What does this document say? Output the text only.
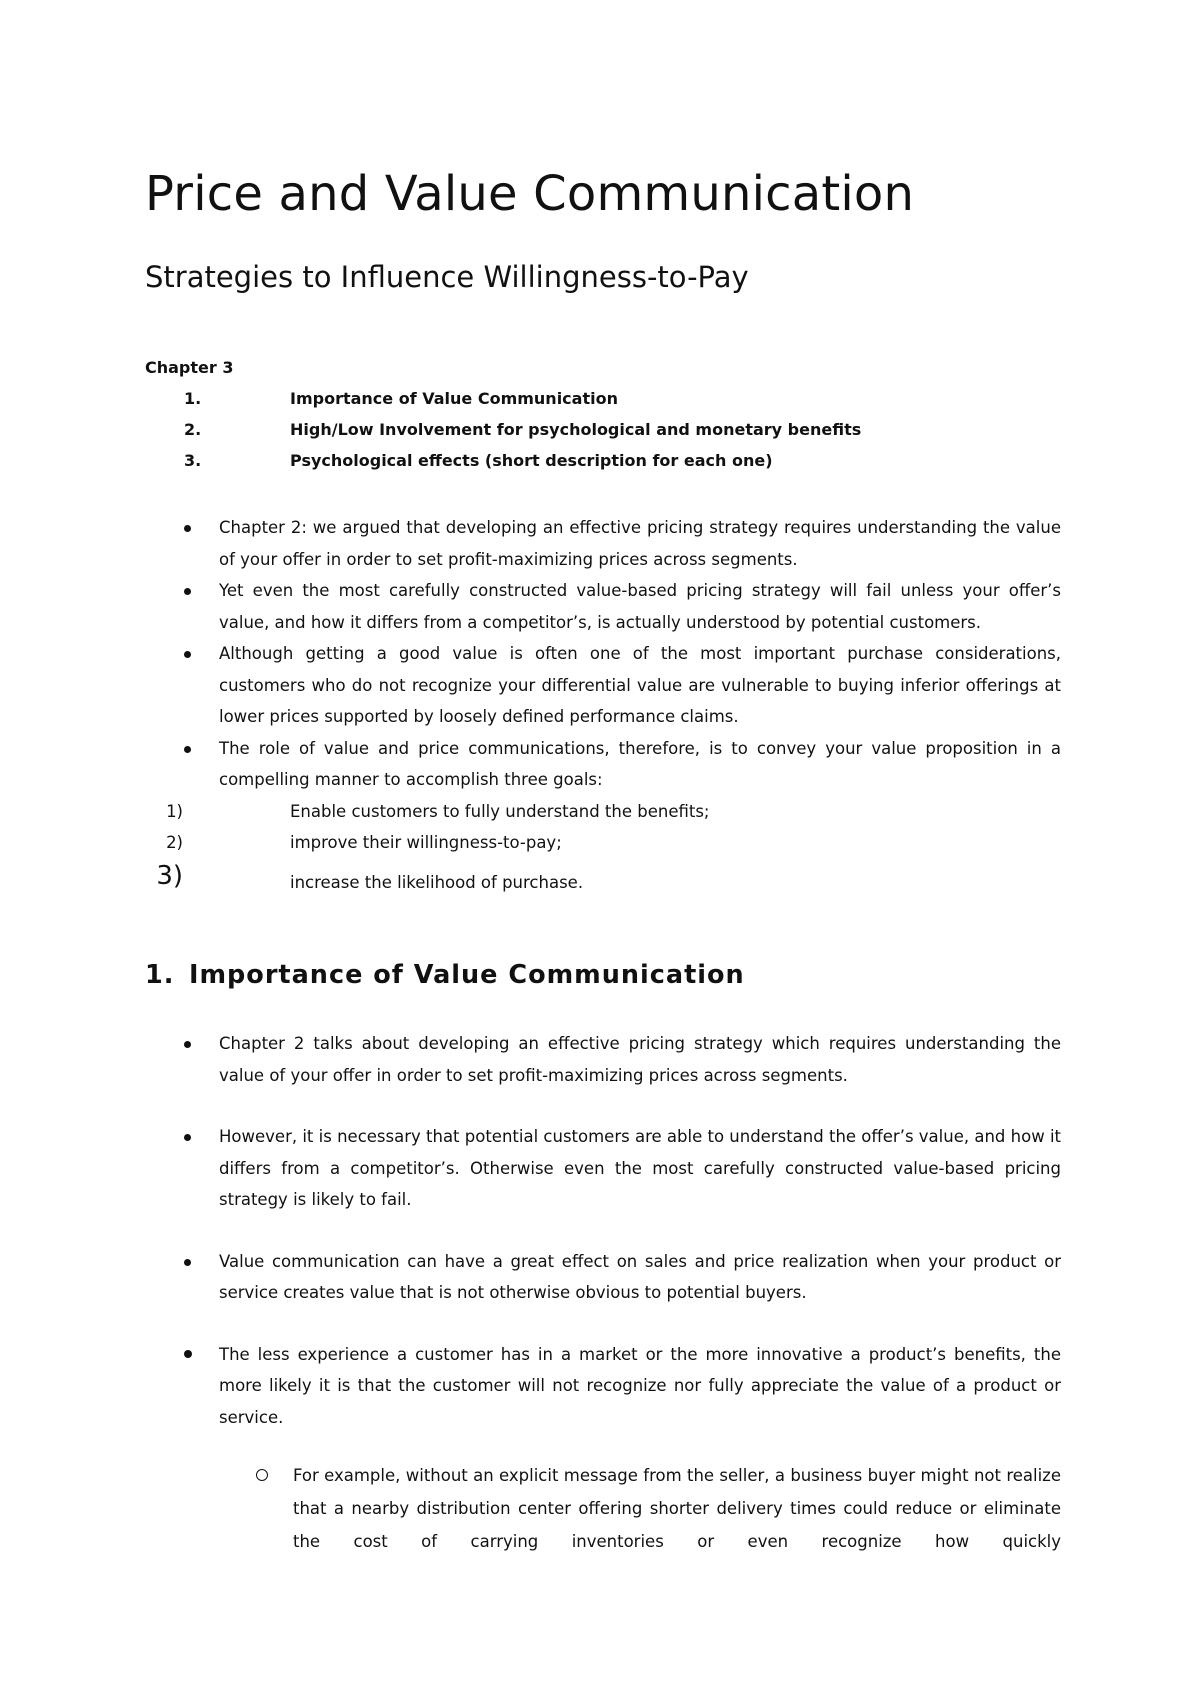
Price and Value Communication
Strategies to Influence Willingness-to-Pay
Chapter 3
1.	Importance of Value Communication
2.	High/Low Involvement for psychological and monetary benefits
3.	Psychological effects (short description for each one)
Chapter 2: we argued that developing an effective pricing strategy requires understanding the value of your offer in order to set profit-maximizing prices across segments.
Yet even the most carefully constructed value-based pricing strategy will fail unless your offer’s value, and how it differs from a competitor’s, is actually understood by potential customers.
Although getting a good value is often one of the most important purchase considerations, customers who do not recognize your differential value are vulnerable to buying inferior offerings at lower prices supported by loosely defined performance claims.
The role of value and price communications, therefore, is to convey your value proposition in a compelling manner to accomplish three goals:
1)	Enable customers to fully understand the benefits;
2)	improve their willingness-to-pay;
3)	increase the likelihood of purchase.
1. Importance of Value Communication
Chapter 2 talks about developing an effective pricing strategy which requires understanding the value of your offer in order to set profit-maximizing prices across segments.
However, it is necessary that potential customers are able to understand the offer’s value, and how it differs from a competitor’s. Otherwise even the most carefully constructed value-based pricing strategy is likely to fail.
Value communication can have a great effect on sales and price realization when your product or service creates value that is not otherwise obvious to potential buyers.
The less experience a customer has in a market or the more innovative a product’s benefits, the more likely it is that the customer will not recognize nor fully appreciate the value of a product or service.
For example, without an explicit message from the seller, a business buyer might not realize that a nearby distribution center offering shorter delivery times could reduce or eliminate the cost of carrying inventories or even recognize how quickly
